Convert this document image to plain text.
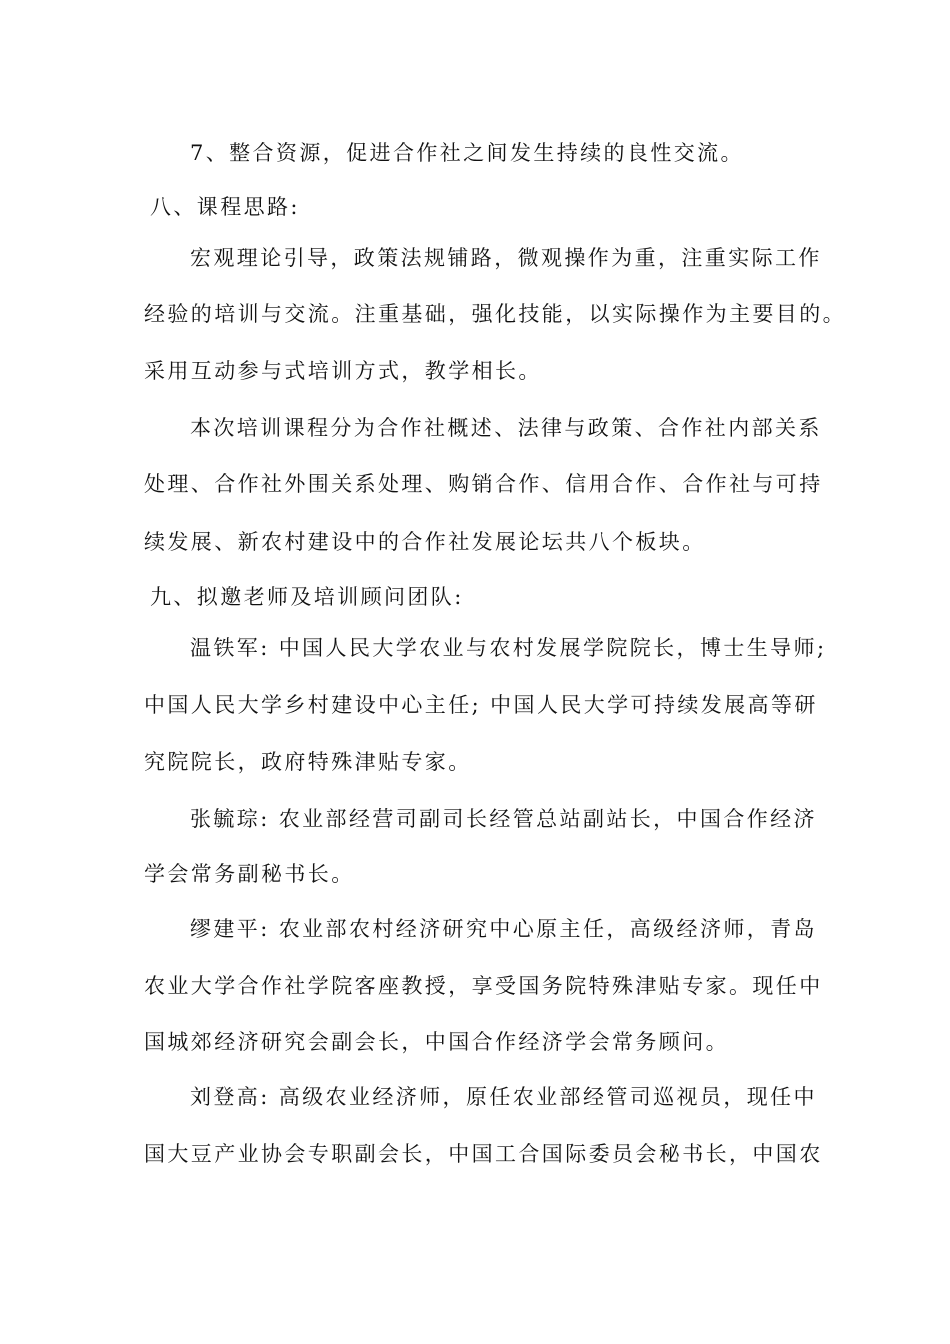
7、整合资源，促进合作社之间发生持续的良性交流。
八、课程思路:
宏观理论引导，政策法规铺路，微观操作为重，注重实际工作
经验的培训与交流。注重基础，强化技能，以实际操作为主要目的。
采用互动参与式培训方式，教学相长。
本次培训课程分为合作社概述、法律与政策、合作社内部关系
处理、合作社外围关系处理、购销合作、信用合作、合作社与可持
续发展、新农村建设中的合作社发展论坛共八个板块。
九、拟邀老师及培训顾问团队:
温铁军: 中国人民大学农业与农村发展学院院长，博士生导师;
中国人民大学乡村建设中心主任; 中国人民大学可持续发展高等研
究院院长，政府特殊津贴专家。
张毓琮: 农业部经营司副司长经管总站副站长，中国合作经济
学会常务副秘书长。
缪建平: 农业部农村经济研究中心原主任，高级经济师，青岛
农业大学合作社学院客座教授，享受国务院特殊津贴专家。现任中
国城郊经济研究会副会长，中国合作经济学会常务顾问。
刘登高: 高级农业经济师，原任农业部经管司巡视员，现任中
国大豆产业协会专职副会长，中国工合国际委员会秘书长，中国农
